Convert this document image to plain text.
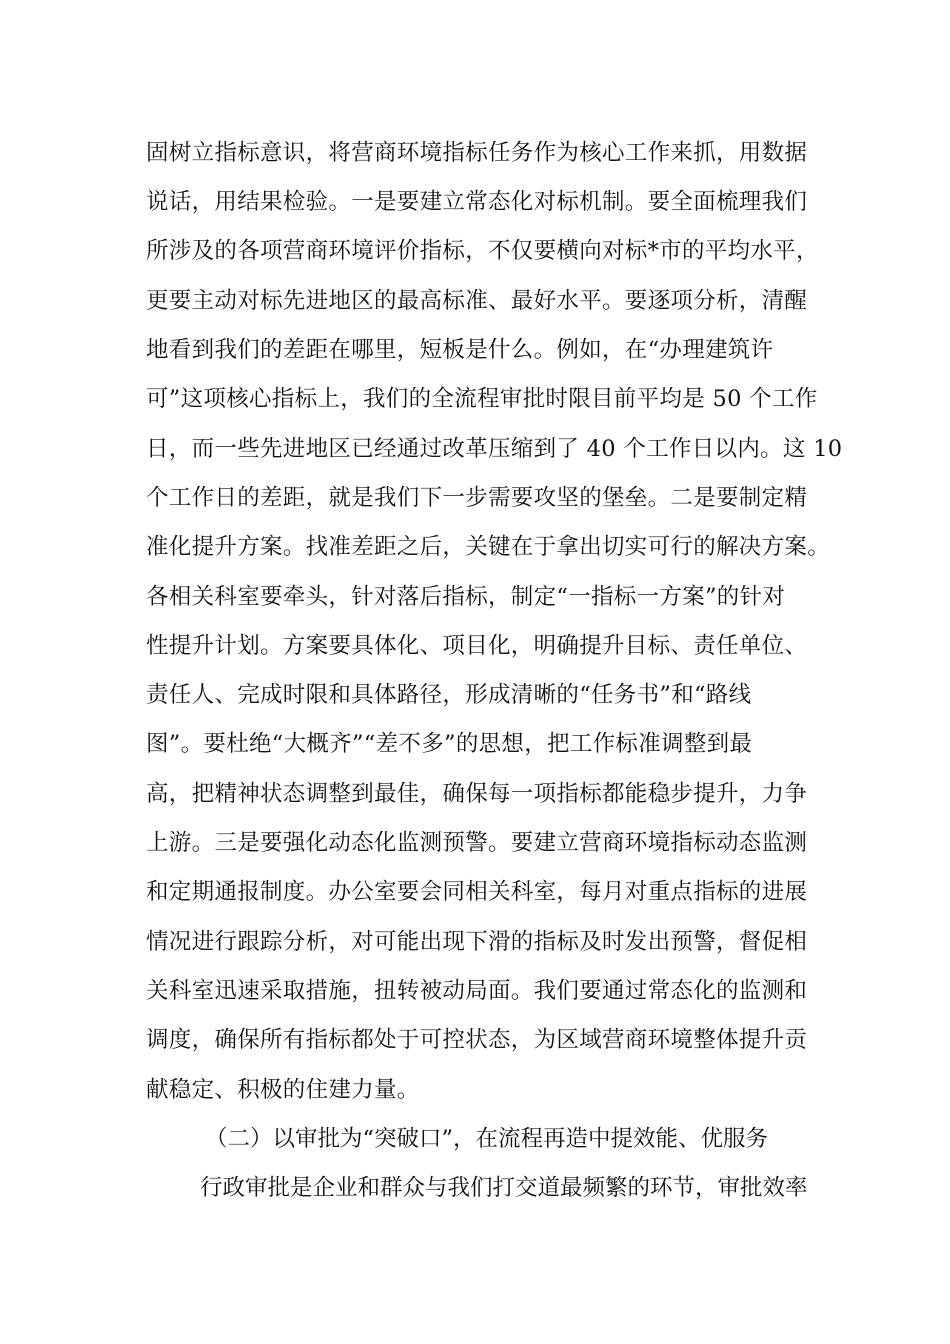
固树立指标意识，将营商环境指标任务作为核心工作来抓，用数据
说话，用结果检验。一是要建立常态化对标机制。要全面梳理我们
所涉及的各项营商环境评价指标，不仅要横向对标*市的平均水平，
更要主动对标先进地区的最高标准、最好水平。要逐项分析，清醒
地看到我们的差距在哪里，短板是什么。例如，在“办理建筑许
可”这项核心指标上，我们的全流程审批时限目前平均是 50 个工作
日，而一些先进地区已经通过改革压缩到了 40 个工作日以内。这 10
个工作日的差距，就是我们下一步需要攻坚的堡垒。二是要制定精
准化提升方案。找准差距之后，关键在于拿出切实可行的解决方案。
各相关科室要牵头，针对落后指标，制定“一指标一方案”的针对
性提升计划。方案要具体化、项目化，明确提升目标、责任单位、
责任人、完成时限和具体路径，形成清晰的“任务书”和“路线
图”。要杜绝“大概齐”“差不多”的思想，把工作标准调整到最
高，把精神状态调整到最佳，确保每一项指标都能稳步提升，力争
上游。三是要强化动态化监测预警。要建立营商环境指标动态监测
和定期通报制度。办公室要会同相关科室，每月对重点指标的进展
情况进行跟踪分析，对可能出现下滑的指标及时发出预警，督促相
关科室迅速采取措施，扭转被动局面。我们要通过常态化的监测和
调度，确保所有指标都处于可控状态，为区域营商环境整体提升贡
献稳定、积极的住建力量。
（二）以审批为“突破口”，在流程再造中提效能、优服务
行政审批是企业和群众与我们打交道最频繁的环节，审批效率
